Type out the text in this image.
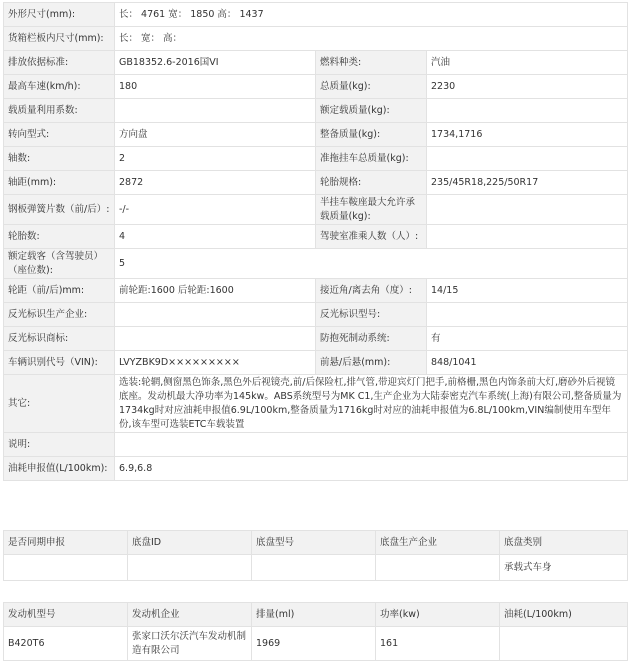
外形尺寸(mm):	长： 4761 宽： 1850 高： 1437		
货箱栏板内尺寸(mm):	长： 宽： 高：		
排放依据标准:	GB18352.6-2016国VI	燃料种类:	汽油
最高车速(km/h):	180	总质量(kg):	2230
载质量利用系数:		额定载质量(kg):	
转向型式:	方向盘	整备质量(kg):	1734,1716
轴数:	2	准拖挂车总质量(kg):	
轴距(mm):	2872	轮胎规格:	235/45R18,225/50R17
钢板弹簧片数（前/后）:	-/-	半挂车鞍座最大允许承载质量(kg):	
轮胎数:	4	驾驶室准乘人数（人）:	
额定载客（含驾驶员）（座位数):	5		
轮距（前/后)mm:	前轮距:1600 后轮距:1600	接近角/离去角（度）:	14/15
反光标识生产企业:		反光标识型号:	
反光标识商标:		防抱死制动系统:	有
车辆识别代号（VIN):	LVYZBK9D×××××××××	前悬/后悬(mm):	848/1041
其它:	选装:轮辋,侧窗黑色饰条,黑色外后视镜壳,前/后保险杠,排气管,带迎宾灯门把手,前格栅,黑色内饰条前大灯,磨砂外后视镜底座。发动机最大净功率为145kw。ABS系统型号为MK C1,生产企业为大陆泰密克汽车系统(上海)有限公司,整备质量为1734kg时对应油耗申报值6.9L/100km,整备质量为1716kg时对应的油耗申报值为6.8L/100km,VIN编制使用车型年份,该车型可选装ETC车载装置		
说明:			
油耗申报值(L/100km):	6.9,6.8		
是否同期申报	底盘ID	底盘型号	底盘生产企业	底盘类别
				承载式车身
发动机型号	发动机企业	排量(ml)	功率(kw)	油耗(L/100km)
B420T6	张家口沃尔沃汽车发动机制造有限公司	1969	161	
